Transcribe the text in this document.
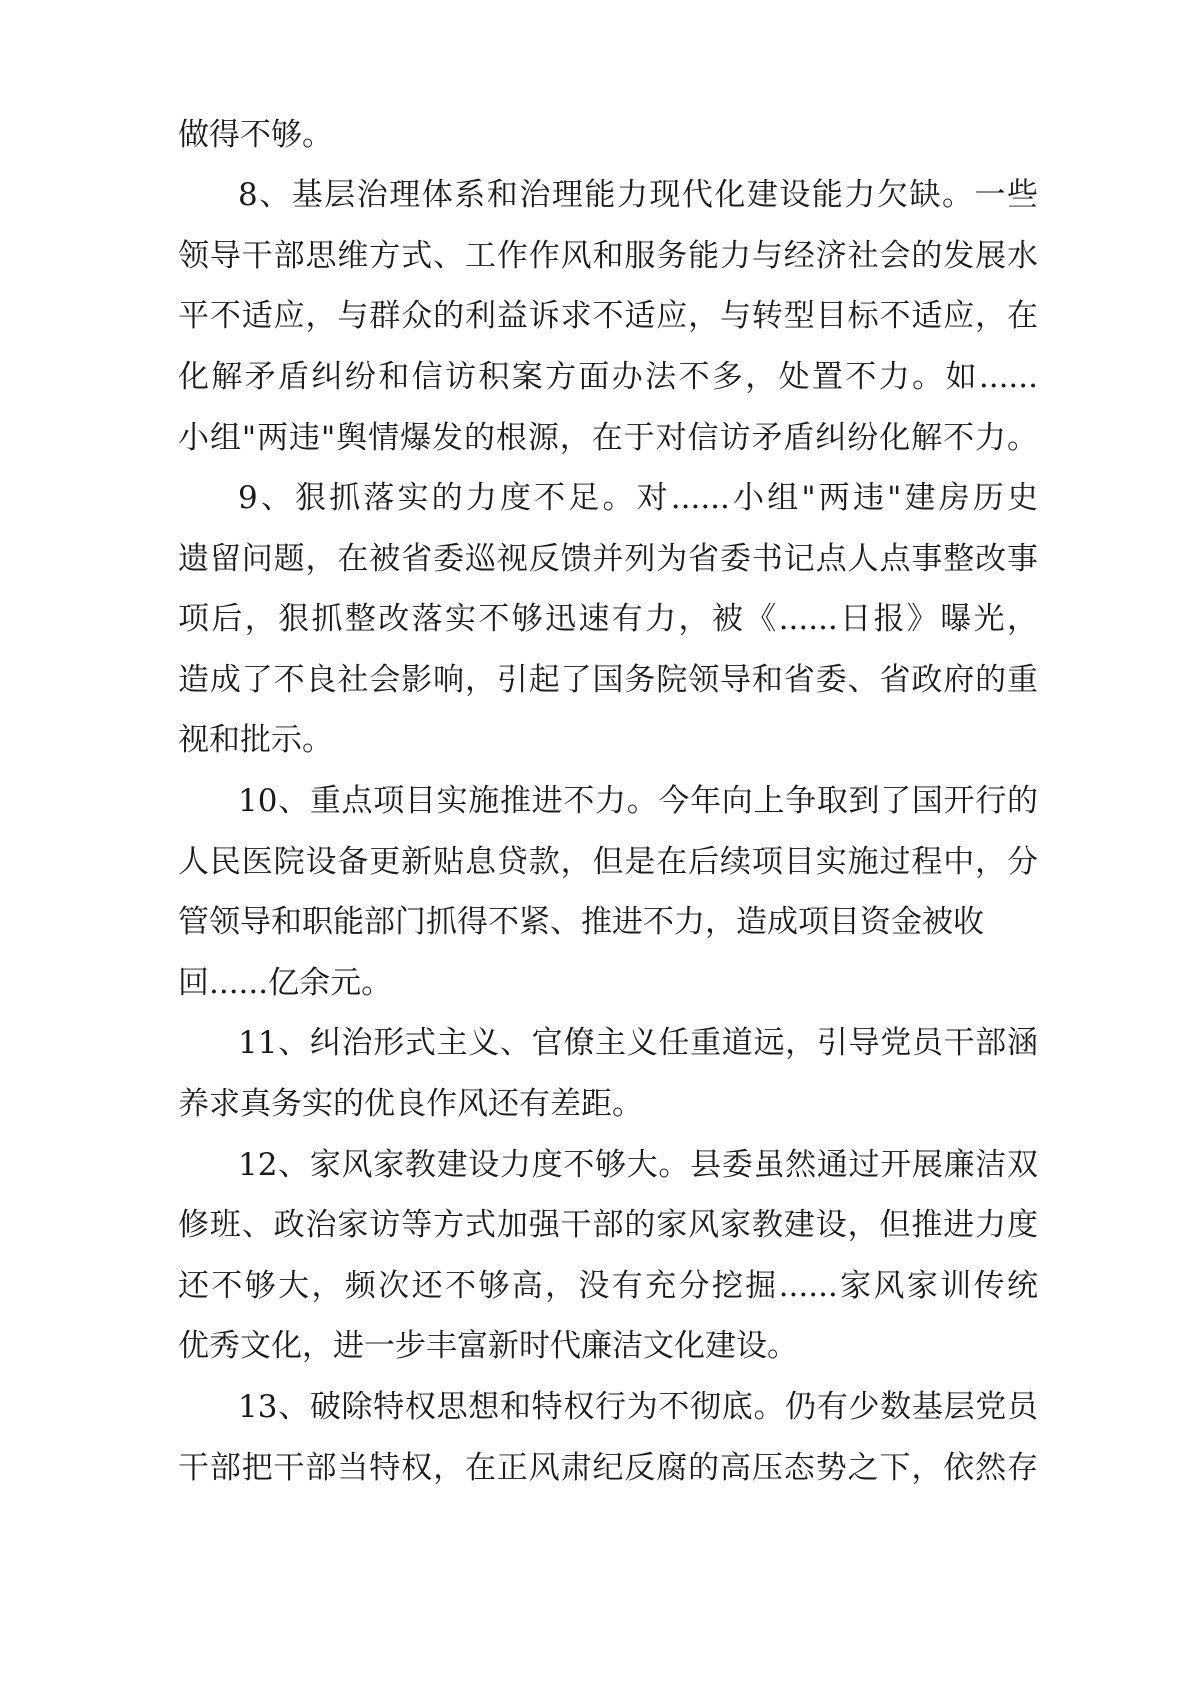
做得不够。
8、基层治理体系和治理能力现代化建设能力欠缺。一些
领导干部思维方式、工作作风和服务能力与经济社会的发展水
平不适应，与群众的利益诉求不适应，与转型目标不适应，在
化解矛盾纠纷和信访积案方面办法不多，处置不力。如......
小组"两违"舆情爆发的根源，在于对信访矛盾纠纷化解不力。
9、狠抓落实的力度不足。对......小组"两违"建房历史
遗留问题，在被省委巡视反馈并列为省委书记点人点事整改事
项后，狠抓整改落实不够迅速有力，被《......日报》曝光，
造成了不良社会影响，引起了国务院领导和省委、省政府的重
视和批示。
10、重点项目实施推进不力。今年向上争取到了国开行的
人民医院设备更新贴息贷款，但是在后续项目实施过程中，分
管领导和职能部门抓得不紧、推进不力，造成项目资金被收
回......亿余元。
11、纠治形式主义、官僚主义任重道远，引导党员干部涵
养求真务实的优良作风还有差距。
12、家风家教建设力度不够大。县委虽然通过开展廉洁双
修班、政治家访等方式加强干部的家风家教建设，但推进力度
还不够大，频次还不够高，没有充分挖掘......家风家训传统
优秀文化，进一步丰富新时代廉洁文化建设。
13、破除特权思想和特权行为不彻底。仍有少数基层党员
干部把干部当特权，在正风肃纪反腐的高压态势之下，依然存
